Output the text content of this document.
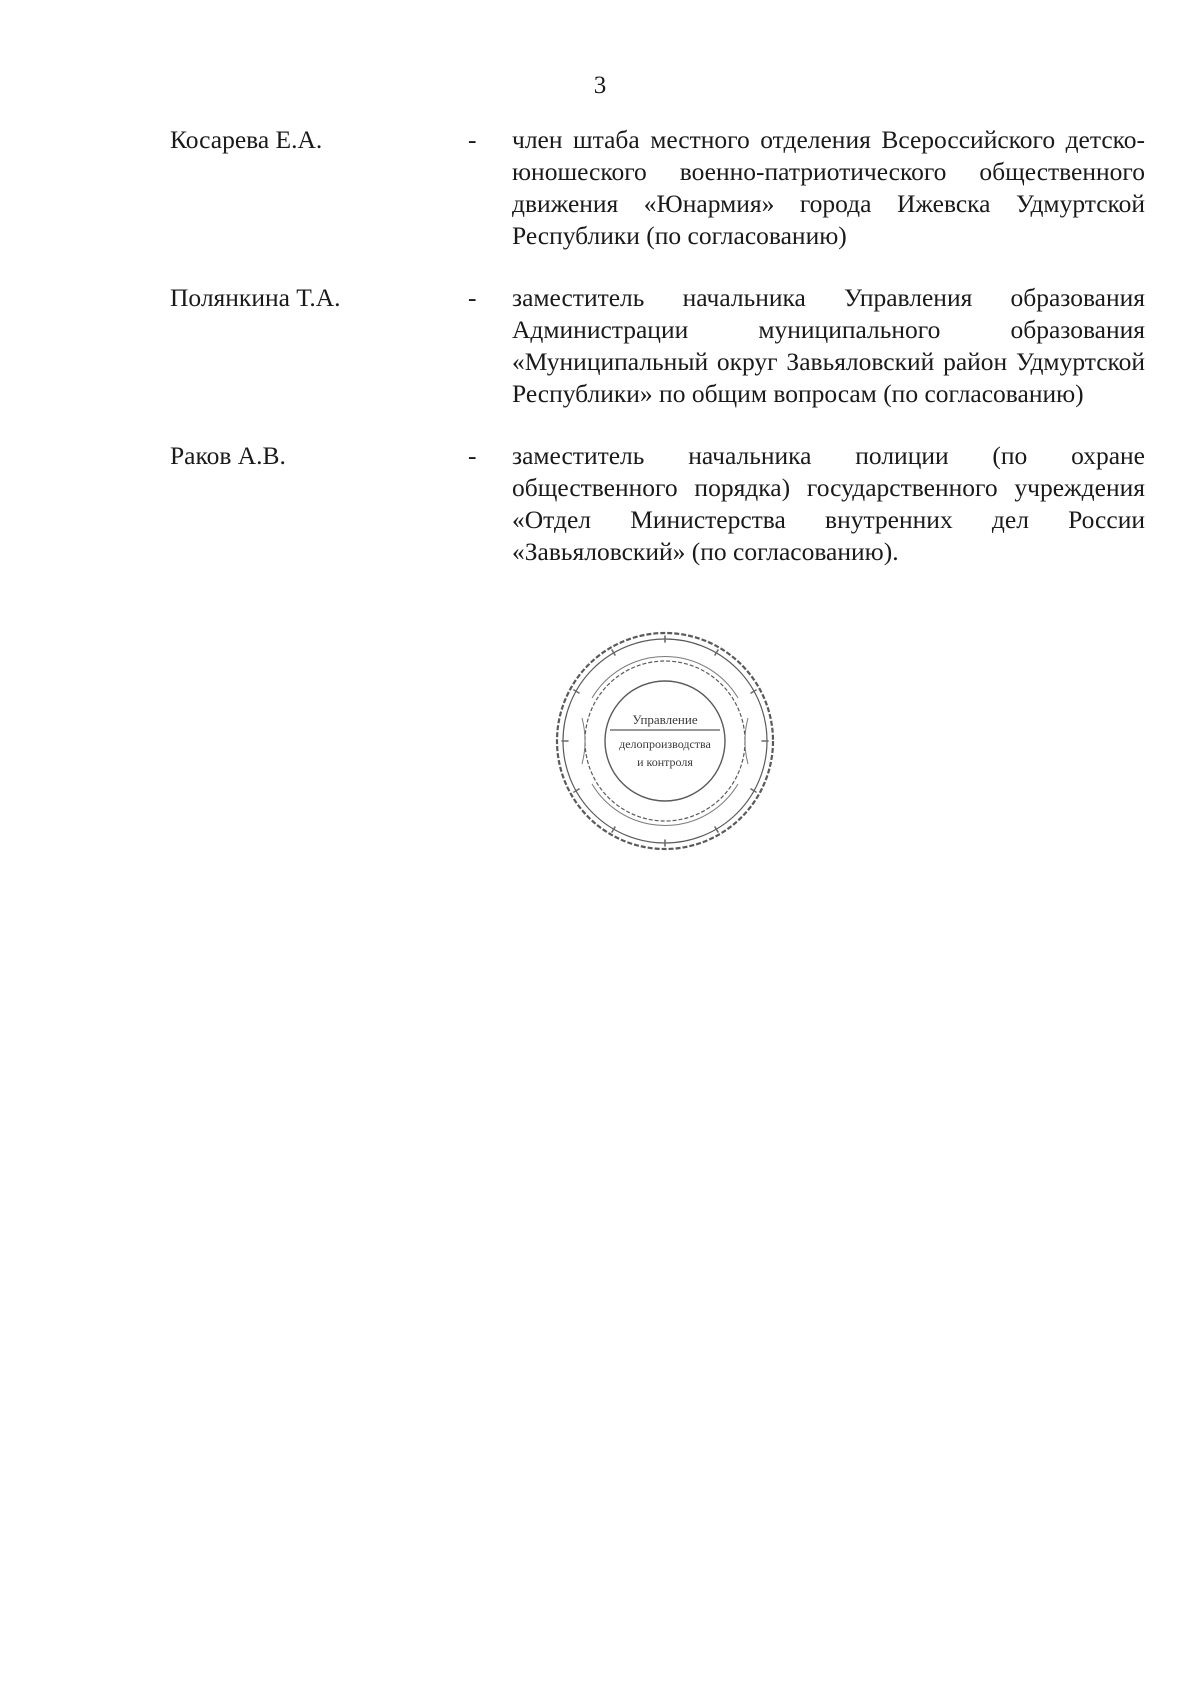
3
Косарева Е.А.	-	член штаба местного отделения Всероссийского детско-юношеского военно-патриотического общественного движения «Юнармия» города Ижевска Удмуртской Республики (по согласованию)
Полянкина Т.А.	-	заместитель начальника Управления образования Администрации муниципального образования «Муниципальный округ Завьяловский район Удмуртской Республики» по общим вопросам (по согласованию)
Раков А.В.	-	заместитель начальника полиции (по охране общественного порядка) государственного учреждения «Отдел Министерства внутренних дел России «Завьяловский» (по согласованию).
Управление
делопроизводства
и контроля
